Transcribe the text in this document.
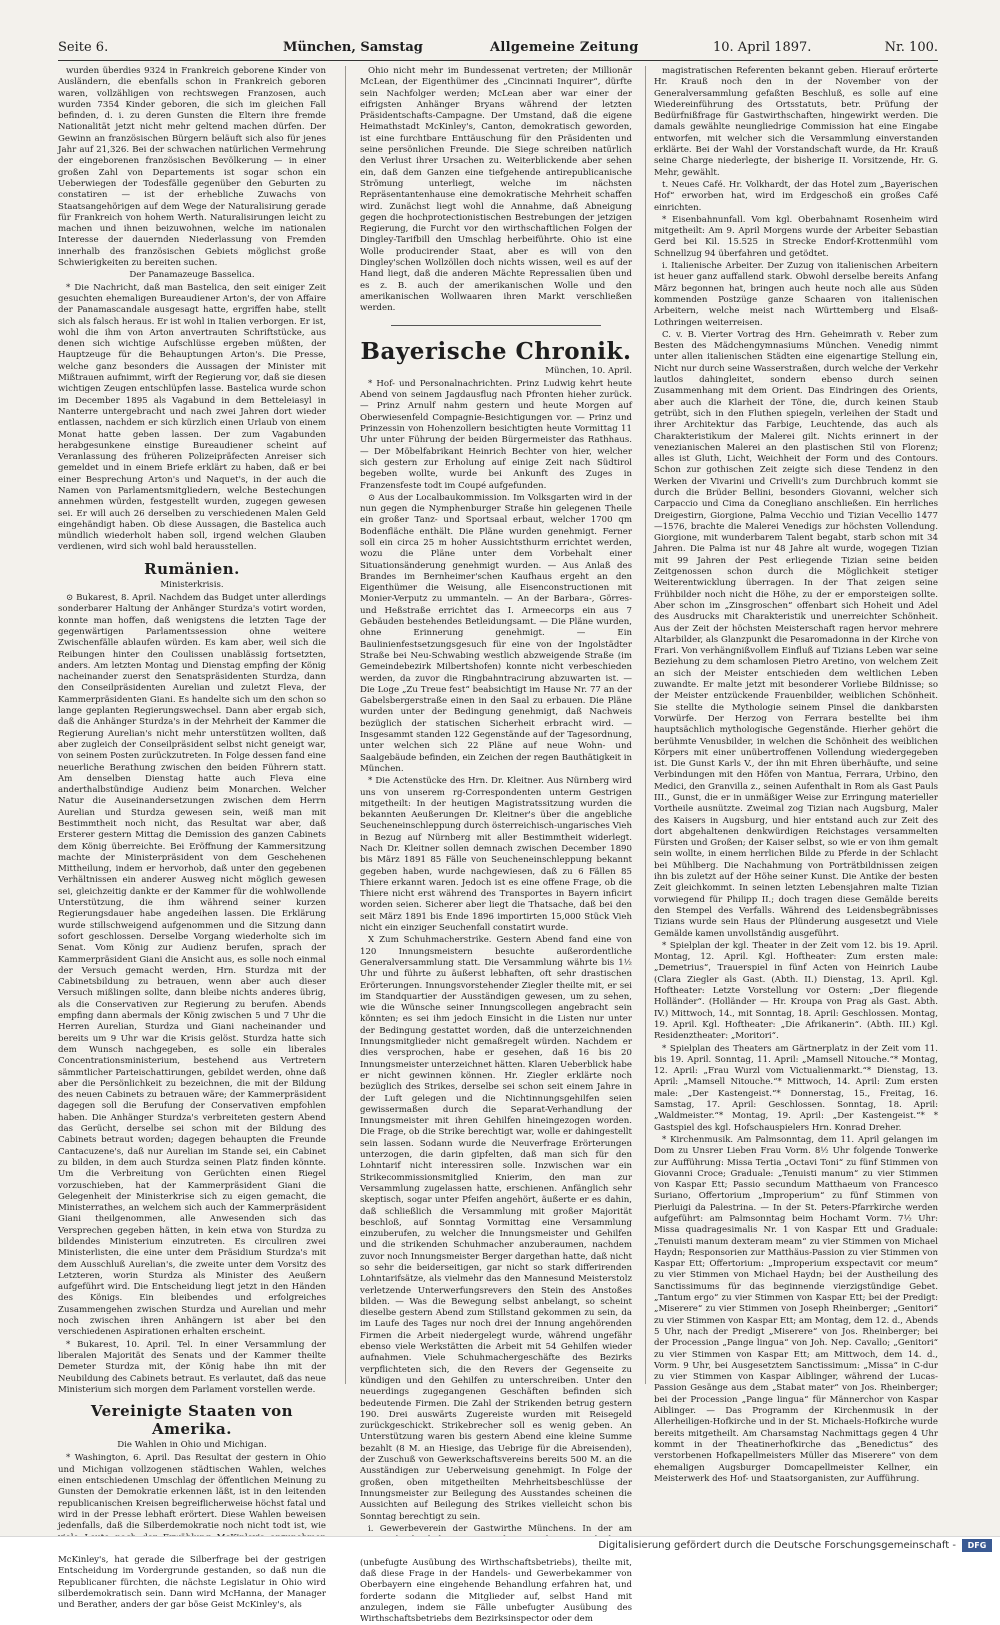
Seite 6.	München, Samstag	Allgemeine Zeitung	10. April 1897.	Nr. 100.

wurden überdies 9324 in Frankreich geborene Kinder von Ausländern, die ebenfalls schon in Frankreich geboren waren, vollzähligen von rechtswegen Franzosen, auch wurden 7354 Kinder geboren, die sich im gleichen Fall befinden, d. i. zu deren Gunsten die Eltern ihre fremde Nationalität jetzt nicht mehr geltend machen dürfen. Der Gewinn an französischen Bürgern beläuft sich also für jenes Jahr auf 21,326. Bei der schwachen natürlichen Vermehrung der eingeborenen französischen Bevölkerung — in einer großen Zahl von Departements ist sogar schon ein Ueberwiegen der Todesfälle gegenüber den Geburten zu constatiren — ist der erhebliche Zuwachs von Staatsangehörigen auf dem Wege der Naturalisirung gerade für Frankreich von hohem Werth. Naturalisirungen leicht zu machen und ihnen beizuwohnen, welche im nationalen Interesse der dauernden Niederlassung von Fremden innerhalb des französischen Gebiets möglichst große Schwierigkeiten zu bereiten suchen.

Der Panamazeuge Basselica.

* Die Nachricht, daß man Bastelica, den seit einiger Zeit gesuchten ehemaligen Bureaudiener Arton's, der von Affaire der Panamascandale ausgesagt hatte, ergriffen habe, stellt sich als falsch heraus. Er ist wohl in Italien verborgen. Er ist, wohl die ihm von Arton anvertrauten Schriftstücke, aus denen sich wichtige Aufschlüsse ergeben müßten, der Hauptzeuge für die Behauptungen Arton's. Die Presse, welche ganz besonders die Aussagen der Minister mit Mißtrauen aufnimmt, wirft der Regierung vor, daß sie diesen wichtigen Zeugen entschlüpfen lasse. Bastelica wurde schon im December 1895 als Vagabund in dem Betteleiasyl in Nanterre untergebracht und nach zwei Jahren dort wieder entlassen, nachdem er sich kürzlich einen Urlaub von einem Monat hatte geben lassen. Der zum Vagabunden herabgesunkene einstige Bureaudiener scheint auf Veranlassung des früheren Polizeipräfecten Anreiser sich gemeldet und in einem Briefe erklärt zu haben, daß er bei einer Besprechung Arton's und Naquet's, in der auch die Namen von Parlamentsmitgliedern, welche Bestechungen annehmen würden, festgestellt wurden, zugegen gewesen sei. Er will auch 26 derselben zu verschiedenen Malen Geld eingehändigt haben. Ob diese Aussagen, die Bastelica auch mündlich wiederholt haben soll, irgend welchen Glauben verdienen, wird sich wohl bald herausstellen.

Rumänien.

Ministerkrisis.

⊙ Bukarest, 8. April. Nachdem das Budget unter allerdings sonderbarer Haltung der Anhänger Sturdza's votirt worden, konnte man hoffen, daß wenigstens die letzten Tage der gegenwärtigen Parlamentssession ohne weitere Zwischenfälle ablaufen würden. Es kam aber, weil sich die Reibungen hinter den Coulissen unablässig fortsetzten, anders. Am letzten Montag und Dienstag empfing der König nacheinander zuerst den Senatspräsidenten Sturdza, dann den Conseilpräsidenten Aurelian und zuletzt Fleva, der Kammerpräsidenten Giani. Es handelte sich um den schon so lange geplanten Regierungswechsel. Dann aber ergab sich, daß die Anhänger Sturdza's in der Mehrheit der Kammer die Regierung Aurelian's nicht mehr unterstützen wollten, daß aber zugleich der Conseilpräsident selbst nicht geneigt war, von seinem Posten zurückzutreten. In Folge dessen fand eine neuerliche Berathung zwischen den beiden Führern statt. Am denselben Dienstag hatte auch Fleva eine anderthalbstündige Audienz beim Monarchen. Welcher Natur die Auseinandersetzungen zwischen dem Herrn Aurelian und Sturdza gewesen sein, weiß man mit Bestimmtheit noch nicht, das Resultat war aber, daß Ersterer gestern Mittag die Demission des ganzen Cabinets dem König überreichte. Bei Eröffnung der Kammersitzung machte der Ministerpräsident von dem Geschehenen Mittheilung, indem er hervorhob, daß unter den gegebenen Verhältnissen ein anderer Ausweg nicht möglich gewesen sei, gleichzeitig dankte er der Kammer für die wohlwollende Unterstützung, die ihm während seiner kurzen Regierungsdauer habe angedeihen lassen. Die Erklärung wurde stillschweigend aufgenommen und die Sitzung dann sofort geschlossen. Derselbe Vorgang wiederholte sich im Senat. Vom König zur Audienz berufen, sprach der Kammerpräsident Giani die Ansicht aus, es solle noch einmal der Versuch gemacht werden, Hrn. Sturdza mit der Cabinetsbildung zu betrauen, wenn aber auch dieser Versuch mißlingen sollte, dann bleibe nichts anderes übrig, als die Conservativen zur Regierung zu berufen. Abends empfing dann abermals der König zwischen 5 und 7 Uhr die Herren Aurelian, Sturdza und Giani nacheinander und bereits um 9 Uhr war die Krisis gelöst. Sturdza hatte sich dem Wunsch nachgegeben, es solle ein liberales Concentrationsministerium, bestehend aus Vertretern sämmtlicher Parteischattirungen, gebildet werden, ohne daß aber die Persönlichkeit zu bezeichnen, die mit der Bildung des neuen Cabinets zu betrauen wäre; der Kammerpräsident dagegen soll die Berufung der Conservativen empfohlen haben. Die Anhänger Sturdza's verbreiteten gestern Abend das Gerücht, derselbe sei schon mit der Bildung des Cabinets betraut worden; dagegen behaupten die Freunde Cantacuzene's, daß nur Aurelian im Stande sei, ein Cabinet zu bilden, in dem auch Sturdza seinen Platz finden könnte. Um die Verbreitung von Gerüchten einen Riegel vorzuschieben, hat der Kammerpräsident Giani die Gelegenheit der Ministerkrise sich zu eigen gemacht, die Ministerrathes, an welchem sich auch der Kammerpräsident Giani theilgenommen, alle Anwesenden sich das Versprechen gegeben hätten, in kein etwa von Sturdza zu bildendes Ministerium einzutreten. Es circuliren zwei Ministerlisten, die eine unter dem Präsidium Sturdza's mit dem Ausschluß Aurelian's, die zweite unter dem Vorsitz des Letzteren, worin Sturdza als Minister des Aeußern aufgeführt wird. Die Entscheidung liegt jetzt in den Händen des Königs. Ein bleibendes und erfolgreiches Zusammengehen zwischen Sturdza und Aurelian und mehr noch zwischen ihren Anhängern ist aber bei den verschiedenen Aspirationen erhalten erscheint.

* Bukarest, 10. April. Tel. In einer Versammlung der liberalen Majorität des Senats und der Kammer theilte Demeter Sturdza mit, der König habe ihn mit der Neubildung des Cabinets betraut. Es verlautet, daß das neue Ministerium sich morgen dem Parlament vorstellen werde.

Vereinigte Staaten von Amerika.

Die Wahlen in Ohio und Michigan.

* Washington, 6. April. Das Resultat der gestern in Ohio und Michigan vollzogenen städtischen Wahlen, welches einen entschiedenen Umschlag der öffentlichen Meinung zu Gunsten der Demokratie erkennen läßt, ist in den leitenden republicanischen Kreisen begreiflicherweise höchst fatal und wird in der Presse lebhaft erörtert. Diese Wahlen beweisen jedenfalls, daß die Silberdemokratie noch nicht todt ist, wie McKinley's, hat gerade die Silberfrage bei der gestrigen Entscheidung im Vordergrunde gestanden, so daß nun die Republicaner fürchten, die nächste Legislatur in Ohio wird silberdemokratisch sein. Dann wird McHanna, der Manager und Berather, anders der gar böse Geist McKinley's, als

Ohio nicht mehr im Bundessenat vertreten; der Millionär McLean, der Eigenthümer des „Cincinnati Inquirer“, dürfte sein Nachfolger werden; McLean aber war einer der eifrigsten Anhänger Bryans während der letzten Präsidentschafts-Campagne. Der Umstand, daß die eigene Heimathstadt McKinley's, Canton, demokratisch geworden, ist eine furchtbare Enttäuschung für den Präsidenten und seine persönlichen Freunde. Die Siege schreiben natürlich den Verlust ihrer Ursachen zu. Weiterblickende aber sehen ein, daß dem Ganzen eine tiefgehende antirepublicanische Strömung unterliegt, welche im nächsten Repräsentantenhause eine demokratische Mehrheit schaffen wird. Zunächst liegt wohl die Annahme, daß Abneigung gegen die hochprotectionistischen Bestrebungen der jetzigen Regierung, die Furcht vor den wirthschaftlichen Folgen der Dingley-Tarifbill den Umschlag herbeiführte. Ohio ist eine Wolle producirender Staat, aber es will von den Dingley'schen Wollzöllen doch nichts wissen, weil es auf der Hand liegt, daß die anderen Mächte Repressalien üben und es z. B. auch der amerikanischen Wolle und den amerikanischen Wollwaaren ihren Markt verschließen werden.

Bayerische Chronik.

München, 10. April.

* Hof- und Personalnachrichten. Prinz Ludwig kehrt heute Abend von seinem Jagdausflug nach Pfronten hieher zurück. — Prinz Arnulf nahm gestern und heute Morgen auf Oberwiesenfeld Compagnie-Besichtigungen vor. — Prinz und Prinzessin von Hohenzollern besichtigten heute Vormittag 11 Uhr unter Führung der beiden Bürgermeister das Rathhaus. — Der Möbelfabrikant Heinrich Bechter von hier, welcher sich gestern zur Erholung auf einige Zeit nach Südtirol begeben wollte, wurde bei Ankunft des Zuges in Franzensfeste todt im Coupé aufgefunden.

⊙ Aus der Localbaukommission. Im Volksgarten wird in der nun gegen die Nymphenburger Straße hin gelegenen Theile ein großer Tanz- und Sportsaal erbaut, welcher 1700 qm Bodenfläche enthält. Die Pläne wurden genehmigt. Ferner soll ein circa 25 m hoher Aussichtsthurm errichtet werden, wozu die Pläne unter dem Vorbehalt einer Situationsänderung genehmigt wurden. — Aus Anlaß des Brandes im Bernheimer'schen Kaufhaus ergeht an den Eigenthümer die Weisung, alle Eisenconstructionen mit Monier-Verputz zu ummanteln. — An der Barbara-, Görres- und Heßstraße errichtet das I. Armeecorps ein aus 7 Gebäuden bestehendes Betleidungsamt. — Die Pläne wurden, ohne Erinnerung genehmigt. — Ein Baulinienfestsetzungsgesuch für eine von der Ingolstädter Straße bei Neu-Schwabing westlich abzweigende Straße (im Gemeindebezirk Milbertshofen) konnte nicht verbeschieden werden, da zuvor die Ringbahntracirung abzuwarten ist. — Die Loge „Zu Treue fest“ beabsichtigt im Hause Nr. 77 an der Gabelsbergerstraße einen in den Saal zu erbauen. Die Pläne wurden unter der Bedingung genehmigt, daß Nachweis bezüglich der statischen Sicherheit erbracht wird. — Insgesammt standen 122 Gegenstände auf der Tagesordnung, unter welchen sich 22 Pläne auf neue Wohn- und Saalgebäude befinden, ein Zeichen der regen Bauthätigkeit in München.

* Die Actenstücke des Hrn. Dr. Kleitner. Aus Nürnberg wird uns von unserem rg-Correspondenten unterm Gestrigen mitgetheilt: In der heutigen Magistratssitzung wurden die bekannten Aeußerungen Dr. Kleitner's über die angebliche Seucheneinschleppung durch österreichisch-ungarisches Vieh in Bezug auf Nürnberg mit aller Bestimmtheit widerlegt. Nach Dr. Kleitner sollen demnach zwischen December 1890 bis März 1891 85 Fälle von Seucheneinschleppung bekannt gegeben haben, wurde nachgewiesen, daß zu 6 Fällen 85 Thiere erkannt waren. Jedoch ist es eine offene Frage, ob die Thiere nicht erst während des Transportes in Bayern inficirt worden seien. Sicherer aber liegt die Thatsache, daß bei den seit März 1891 bis Ende 1896 importirten 15,000 Stück Vieh nicht ein einziger Seuchenfall constatirt wurde.

X Zum Schuhmacherstrike. Gestern Abend fand eine von 120 Innungsmeistern besuchte außerordentliche Generalversammlung statt. Die Versammlung währte bis 1½ Uhr und führte zu äußerst lebhaften, oft sehr drastischen Erörterungen. Innungsvorstehender Ziegler theilte mit, er sei im Standquartier der Ausständigen gewesen, um zu sehen, wie die Wünsche seiner Innungscollegen angebracht sein könnten; es sei ihm jedoch Einsicht in die Listen nur unter der Bedingung gestattet worden, daß die unterzeichnenden Innungsmitglieder nicht gemaßregelt würden. Nachdem er dies versprochen, habe er gesehen, daß 16 bis 20 Innungsmeister unterzeichnet hätten. Klaren Ueberblick habe er nicht gewinnen können. Hr. Ziegler erklärte noch bezüglich des Strikes, derselbe sei schon seit einem Jahre in der Luft gelegen und die Nichtinnungsgehilfen seien gewissermaßen durch die Separat-Verhandlung der Innungsmeister mit ihren Gehilfen hineingezogen worden. Die Frage, ob die Strike berechtigt war, wolle er dahingestellt sein lassen. Sodann wurde die Neuverfrage Erörterungen unterzogen, die darin gipfelten, daß man sich für den Lohntarif nicht interessiren solle. Inzwischen war ein Strikecommissionsmitglied Knierim, den man zur Versammlung zugelassen hatte, erschienen. Anfänglich sehr skeptisch, sogar unter Pfeifen angehört, äußerte er es dahin, daß schließlich die Versammlung mit großer Majorität beschloß, auf Sonntag Vormittag eine Versammlung einzuberufen, zu welcher die Innungsmeister und Gehilfen und die strikenden Schuhmacher anzuberaumen, nachdem zuvor noch Innungsmeister Berger dargethan hatte, daß nicht so sehr die beiderseitigen, gar nicht so stark differirenden Lohntarifsätze, als vielmehr das den Mannesund Meisterstolz verletzende Unterwerfungsrevers den Stein des Anstoßes bilden. — Was die Bewegung selbst anbelangt, so scheint dieselbe gestern Abend zum Stillstand gekommen zu sein, da im Laufe des Tages nur noch drei der Innung angehörenden Firmen die Arbeit niedergelegt wurde, während ungefähr ebenso viele Werkstätten die Arbeit mit 54 Gehilfen wieder aufnahmen. Viele Schuhmachergeschäfte des Bezirks verpflichteten sich, die den Revers der Gegenseite zu kündigen und den Gehilfen zu unterschreiben. Unter den neuerdings zugegangenen Geschäften befinden sich bedeutende Firmen. Die Zahl der Strikenden betrug gestern 190. Drei auswärts Zugereiste wurden mit Reisegeld zurückgeschickt. Strikebrecher soll es wenig geben. An Unterstützung waren bis gestern Abend eine kleine Summe bezahlt (8 M. an Hiesige, das Uebrige für die Abreisenden), der Zuschuß von Gewerkschaftsvereins bereits 500 M. an die Ausständigen zur Ueberweisung genehmigt. In Folge der großen, oben mitgetheilten Mehrheitsbeschlüsse der Innungsmeister zur Beilegung des Ausstandes scheinen die Aussichten auf Beilegung des Strikes vielleicht schon bis Sonntag berechtigt zu sein.

i. Gewerbeverein der Gastwirthe Münchens. In der am (unbefugte Ausübung des Wirthschaftsbetriebs), theilte mit, daß diese Frage in der Handels- und Gewerbekammer von Oberbayern eine eingehende Behandlung erfahren hat, und forderte sodann die Mitglieder auf, selbst Hand mit anzulegen, indem sie Fälle unbefugter Ausübung des Wirthschaftsbetriebs dem Bezirksinspector oder dem

magistratischen Referenten bekannt geben. Hierauf erörterte Hr. Krauß noch den in der November von der Generalversammlung gefaßten Beschluß, es solle auf eine Wiedereinführung des Ortsstatuts, betr. Prüfung der Bedürfnißfrage für Gastwirthschaften, hingewirkt werden. Die damals gewählte neungliedrige Commission hat eine Eingabe entworfen, mit welcher sich die Versammlung einverstanden erklärte. Bei der Wahl der Vorstandschaft wurde, da Hr. Krauß seine Charge niederlegte, der bisherige II. Vorsitzende, Hr. G. Mehr, gewählt.

t. Neues Café. Hr. Volkhardt, der das Hotel zum „Bayerischen Hof“ erworben hat, wird im Erdgeschoß ein großes Café einrichten.

* Eisenbahnunfall. Vom kgl. Oberbahnamt Rosenheim wird mitgetheilt: Am 9. April Morgens wurde der Arbeiter Sebastian Gerd bei Kil. 15.525 in Strecke Endorf-Krottenmühl vom Schnellzug 94 überfahren und getödtet.

i. Italienische Arbeiter. Der Zuzug von italienischen Arbeitern ist heuer ganz auffallend stark. Obwohl derselbe bereits Anfang März begonnen hat, bringen auch heute noch alle aus Süden kommenden Postzüge ganze Schaaren von italienischen Arbeitern, welche meist nach Württemberg und Elsaß-Lothringen weiterreisen.

C. v. B. Vierter Vortrag des Hrn. Geheimrath v. Reber zum Besten des Mädchengymnasiums München. Venedig nimmt unter allen italienischen Städten eine eigenartige Stellung ein, Nicht nur durch seine Wasserstraßen, durch welche der Verkehr lautlos dahingleitet, sondern ebenso durch seinen Zusammenhang mit dem Orient. Das Eindringen des Orients, aber auch die Klarheit der Töne, die, durch keinen Staub getrübt, sich in den Fluthen spiegeln, verleihen der Stadt und ihrer Architektur das Farbige, Leuchtende, das auch als Charakteristikum der Malerei gilt. Nichts erinnert in der venezianischen Malerei an den plastischen Stil von Florenz; alles ist Gluth, Licht, Weichheit der Form und des Contours. Schon zur gothischen Zeit zeigte sich diese Tendenz in den Werken der Vivarini und Crivelli's zum Durchbruch kommt sie durch die Brüder Bellini, besonders Giovanni, welcher sich Carpaccio und Cima da Conegliano anschließen. Ein herrliches Dreigestirn, Giorgione, Palma Vecchio und Tizian Vecellio 1477—1576, brachte die Malerei Venedigs zur höchsten Vollendung. Giorgione, mit wunderbarem Talent begabt, starb schon mit 34 Jahren. Die Palma ist nur 48 Jahre alt wurde, wogegen Tizian mit 99 Jahren der Pest erliegende Tizian seine beiden Zeitgenossen schon durch die Möglichkeit stetiger Weiterentwicklung überragen. In der That zeigen seine Frühbilder noch nicht die Höhe, zu der er emporsteigen sollte. Aber schon im „Zinsgroschen“ offenbart sich Hoheit und Adel des Ausdrucks mit Charakteristik und unerreichter Schönheit. Aus der Zeit der höchsten Meisterschaft ragen hervor mehrere Altarbilder, als Glanzpunkt die Pesaromadonna in der Kirche von Frari. Von verhängnißvollem Einfluß auf Tizians Leben war seine Beziehung zu dem schamlosen Pietro Aretino, von welchem Zeit an sich der Meister entschieden dem weltlichen Leben zuwandte. Er malte jetzt mit besonderer Vorliebe Bildnisse; so der Meister entzückende Frauenbilder, weiblichen Schönheit. Sie stellte die Mythologie seinem Pinsel die dankbarsten Vorwürfe. Der Herzog von Ferrara bestellte bei ihm hauptsächlich mythologische Gegenstände. Hierher gehört die berühmte Venusbilder, in welchen die Schönheit des weiblichen Körpers mit einer unübertroffenen Vollendung wiedergegeben ist. Die Gunst Karls V., der ihn mit Ehren überhäufte, und seine Verbindungen mit den Höfen von Mantua, Ferrara, Urbino, den Medici, den Granvilla z., seinen Aufenthalt in Rom als Gast Pauls III., Gunst, die er in unmäßiger Weise zur Erringung materieller Vortheile ausnützte. Zweimal zog Tizian nach Augsburg, Maler des Kaisers in Augsburg, und hier entstand auch zur Zeit des dort abgehaltenen denkwürdigen Reichstages versammelten Fürsten und Großen; der Kaiser selbst, so wie er von ihm gemalt sein wollte, in einem herrlichen Bilde zu Pferde in der Schlacht bei Mühlberg. Die Nachahmung von Porträtbildnissen zeigen ihn bis zuletzt auf der Höhe seiner Kunst. Die Antike der besten Zeit gleichkommt. In seinen letzten Lebensjahren malte Tizian vorwiegend für Philipp II.; doch tragen diese Gemälde bereits den Stempel des Verfalls. Während des Leidensbegräbnisses Tizians wurde sein Haus der Plünderung ausgesetzt und Viele Gemälde kamen unvollständig ausgeführt.

* Spielplan der kgl. Theater in der Zeit vom 12. bis 19. April. Montag, 12. April. Kgl. Hoftheater: Zum ersten male: „Demetrius“, Trauerspiel in fünf Acten von Heinrich Laube (Clara Ziegler als Gast. (Abth. II.) Dienstag, 13. April. Kgl. Hoftheater: Letzte Vorstellung vor Ostern: „Der fliegende Holländer“. (Holländer — Hr. Kroupa von Prag als Gast. Abth. IV.) Mittwoch, 14., mit Sonntag, 18. April: Geschlossen. Montag, 19. April. Kgl. Hoftheater: „Die Afrikanerin“. (Abth. III.) Kgl. Residenztheater: „Moritori“.

* Spielplan des Theaters am Gärtnerplatz in der Zeit vom 11. bis 19. April. Sonntag, 11. April: „Mamsell Nitouche.“* Montag, 12. April: „Frau Wurzl vom Victualienmarkt.“* Dienstag, 13. April: „Mamsell Nitouche.“* Mittwoch, 14. April: Zum ersten male: „Der Kastengeist.“* Donnerstag, 15., Freitag, 16. Samstag, 17. April: Geschlossen. Sonntag, 18. April: „Waldmeister.“* Montag, 19. April: „Der Kastengeist.“* * Gastspiel des kgl. Hofschauspielers Hrn. Konrad Dreher.

* Kirchenmusik. Am Palmsonntag, dem 11. April gelangen im Dom zu Unsrer Lieben Frau Vorm. 8½ Uhr folgende Tonwerke zur Aufführung: Missa Tertia „Octavi Toni“ zu fünf Stimmen von Giovanni Croce; Graduale: „Tenuisti manum“ zu vier Stimmen von Kaspar Ett; Passio secundum Matthaeum von Francesco Suriano, Offertorium „Improperium“ zu fünf Stimmen von Pierluigi da Palestrina. — In der St. Peters-Pfarrkirche werden aufgeführt: am Palmsonntag beim Hochamt Vorm. 7½ Uhr: Missa quadragesimalis Nr. 1 von Kaspar Ett und Graduale: „Tenuisti manum dexteram meam“ zu vier Stimmen von Michael Haydn; Responsorien zur Matthäus-Passion zu vier Stimmen von Kaspar Ett; Offertorium: „Improperium exspectavit cor meum“ zu vier Stimmen von Michael Haydn; bei der Austheilung des Sanctissimums für das beginnende vierzigstündige Gebet. „Tantum ergo“ zu vier Stimmen von Kaspar Ett; bei der Predigt: „Miserere“ zu vier Stimmen von Joseph Rheinberger; „Genitori“ zu vier Stimmen von Kaspar Ett; am Montag, dem 12. d., Abends 5 Uhr, nach der Predigt „Miserere“ von Jos. Rheinberger; bei der Procession „Pange lingua“ von Joh. Nep. Cavallo; „Genitori“ zu vier Stimmen von Kaspar Ett; am Mittwoch, dem 14. d., Vorm. 9 Uhr, bei Ausgesetztem Sanctissimum: „Missa“ in C-dur zu vier Stimmen von Kaspar Aiblinger, während der Lucas-Passion Gesänge aus dem „Stabat mater“ von Jos. Rheinberger; bei der Procession „Pange lingua“ für Männerchor von Kaspar Aiblinger. — Das Programm der Kirchenmusik in der Allerheiligen-Hofkirche und in der St. Michaels-Hofkirche wurde bereits mitgetheilt. Am Charsamstag Nachmittags gegen 4 Uhr kommt in der Theatinerhofkirche das „Benedictus“ des verstorbenen Hofkapellmeisters Müller das Miserere“ von dem ehemaligen Augsburger Domcapellmeister Kellner, ein Meisterwerk des Hof- und Staatsorganisten, zur Aufführung.

Digitalisierung gefördert durch die Deutsche Forschungsgemeinschaft -	DFG
